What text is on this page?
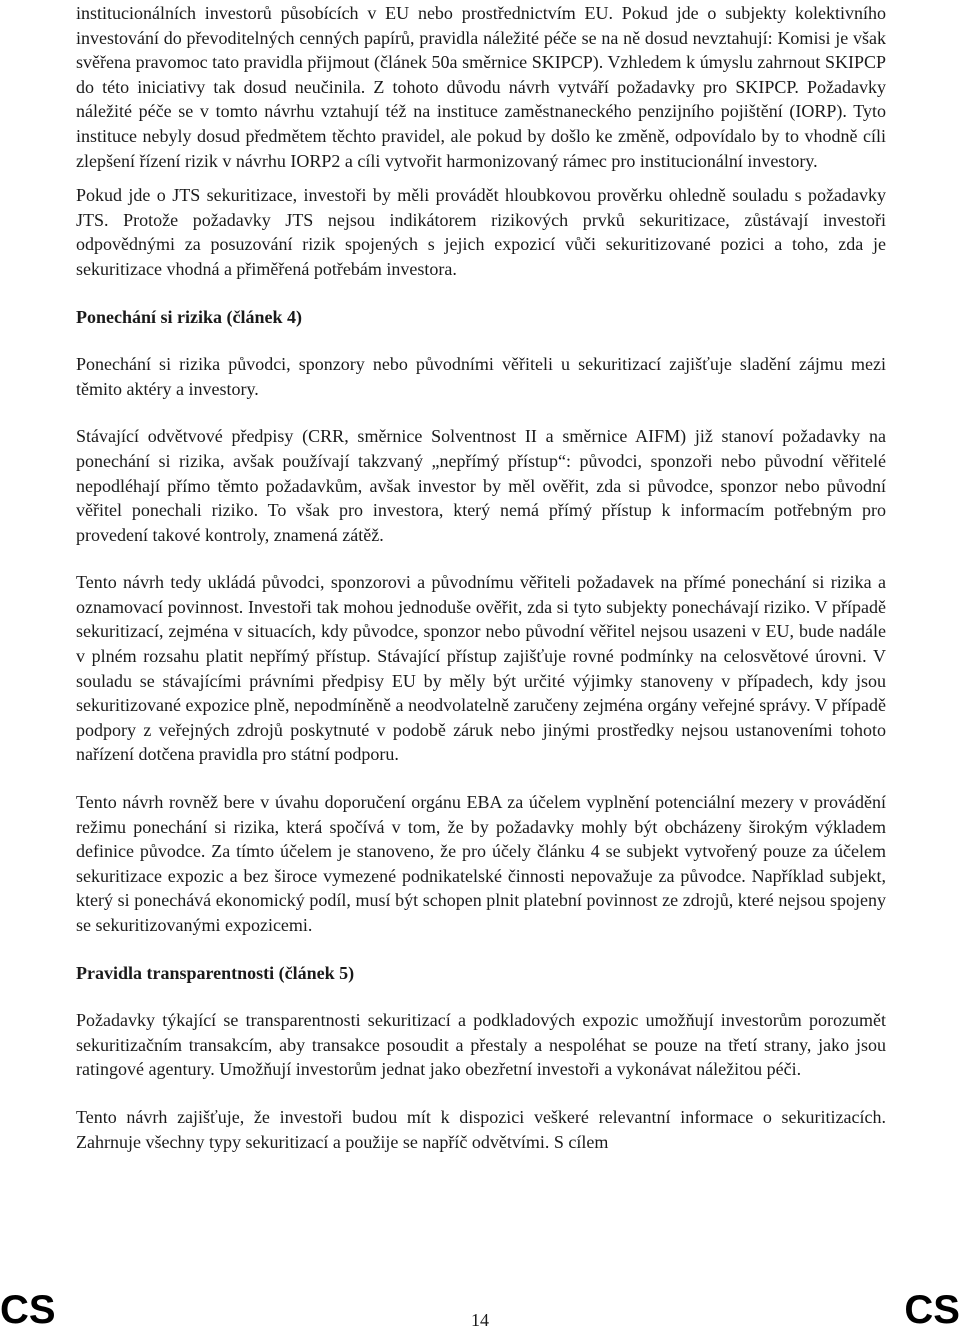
institucionálních investorů působících v EU nebo prostřednictvím EU. Pokud jde o subjekty kolektivního investování do převoditelných cenných papírů, pravidla náležité péče se na ně dosud nevztahují: Komisi je však svěřena pravomoc tato pravidla přijmout (článek 50a směrnice SKIPCP). Vzhledem k úmyslu zahrnout SKIPCP do této iniciativy tak dosud neučinila. Z tohoto důvodu návrh vytváří požadavky pro SKIPCP. Požadavky náležité péče se v tomto návrhu vztahují též na instituce zaměstnaneckého penzijního pojištění (IORP). Tyto instituce nebyly dosud předmětem těchto pravidel, ale pokud by došlo ke změně, odpovídalo by to vhodně cíli zlepšení řízení rizik v návrhu IORP2 a cíli vytvořit harmonizovaný rámec pro institucionální investory.

Pokud jde o JTS sekuritizace, investoři by měli provádět hloubkovou prověrku ohledně souladu s požadavky JTS. Protože požadavky JTS nejsou indikátorem rizikových prvků sekuritizace, zůstávají investoři odpovědnými za posuzování rizik spojených s jejich expozicí vůči sekuritizované pozici a toho, zda je sekuritizace vhodná a přiměřená potřebám investora.

Ponechání si rizika (článek 4)

Ponechání si rizika původci, sponzory nebo původními věřiteli u sekuritizací zajišťuje sladění zájmu mezi těmito aktéry a investory.

Stávající odvětvové předpisy (CRR, směrnice Solventnost II a směrnice AIFM) již stanoví požadavky na ponechání si rizika, avšak používají takzvaný „nepřímý přístup“: původci, sponzoři nebo původní věřitelé nepodléhají přímo těmto požadavkům, avšak investor by měl ověřit, zda si původce, sponzor nebo původní věřitel ponechali riziko. To však pro investora, který nemá přímý přístup k informacím potřebným pro provedení takové kontroly, znamená zátěž.

Tento návrh tedy ukládá původci, sponzorovi a původnímu věřiteli požadavek na přímé ponechání si rizika a oznamovací povinnost. Investoři tak mohou jednoduše ověřit, zda si tyto subjekty ponechávají riziko. V případě sekuritizací, zejména v situacích, kdy původce, sponzor nebo původní věřitel nejsou usazeni v EU, bude nadále v plném rozsahu platit nepřímý přístup. Stávající přístup zajišťuje rovné podmínky na celosvětové úrovni. V souladu se stávajícími právními předpisy EU by měly být určité výjimky stanoveny v případech, kdy jsou sekuritizované expozice plně, nepodmíněně a neodvolatelně zaručeny zejména orgány veřejné správy. V případě podpory z veřejných zdrojů poskytnuté v podobě záruk nebo jinými prostředky nejsou ustanoveními tohoto nařízení dotčena pravidla pro státní podporu.

Tento návrh rovněž bere v úvahu doporučení orgánu EBA za účelem vyplnění potenciální mezery v provádění režimu ponechání si rizika, která spočívá v tom, že by požadavky mohly být obcházeny širokým výkladem definice původce. Za tímto účelem je stanoveno, že pro účely článku 4 se subjekt vytvořený pouze za účelem sekuritizace expozic a bez široce vymezené podnikatelské činnosti nepovažuje za původce. Například subjekt, který si ponechává ekonomický podíl, musí být schopen plnit platební povinnost ze zdrojů, které nejsou spojeny se sekuritizovanými expozicemi.

Pravidla transparentnosti (článek 5)

Požadavky týkající se transparentnosti sekuritizací a podkladových expozic umožňují investorům porozumět sekuritizačním transakcím, aby transakce posoudit a přestaly a nespoléhat se pouze na třetí strany, jako jsou ratingové agentury. Umožňují investorům jednat jako obezřetní investoři a vykonávat náležitou péči.

Tento návrh zajišťuje, že investoři budou mít k dispozici veškeré relevantní informace o sekuritizacích. Zahrnuje všechny typy sekuritizací a použije se napříč odvětvími. S cílem

CS	14	CS
